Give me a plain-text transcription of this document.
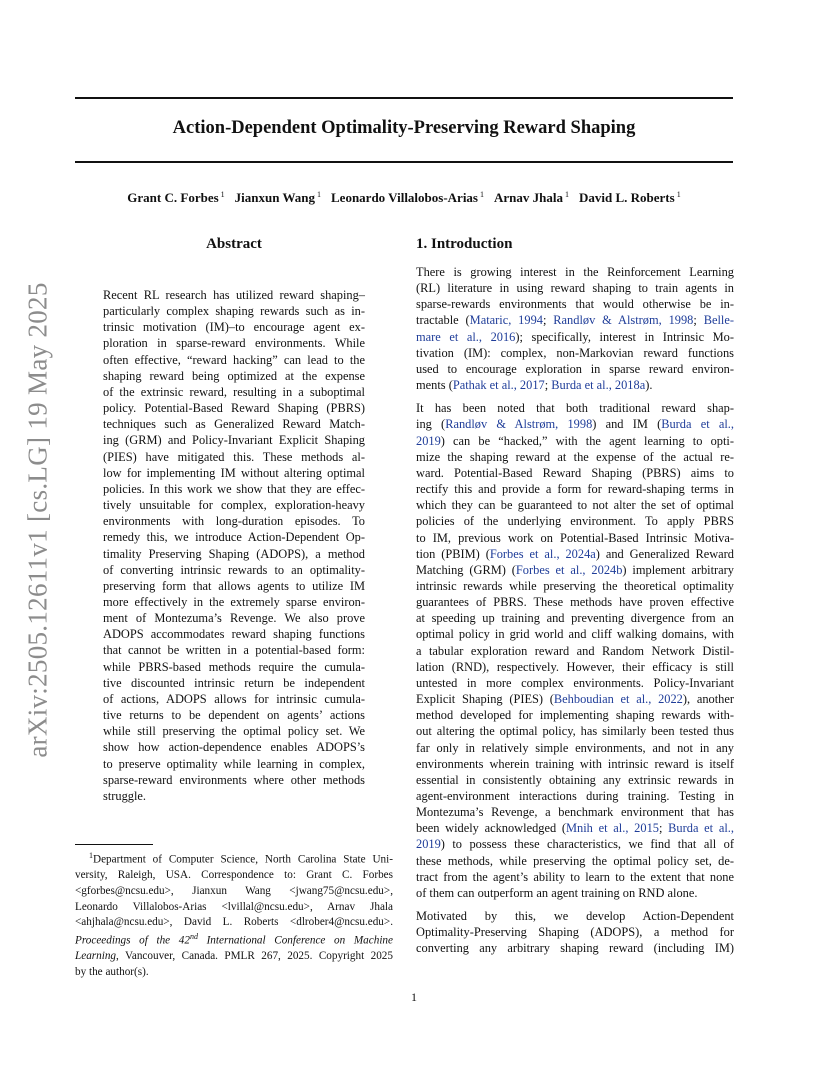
Action-Dependent Optimality-Preserving Reward Shaping
Grant C. Forbes $^1$ Jianxun Wang $^1$ Leonardo Villalobos-Arias $^1$ Arnav Jhala $^1$ David L. Roberts $^1$
arXiv:2505.12611v1 [cs.LG] 19 May 2025
Abstract
Recent RL research has utilized reward shaping–
particularly complex shaping rewards such as in-
trinsic motivation (IM)–to encourage agent ex-
ploration in sparse-reward environments. While
often effective, “reward hacking” can lead to the
shaping reward being optimized at the expense
of the extrinsic reward, resulting in a suboptimal
policy. Potential-Based Reward Shaping (PBRS)
techniques such as Generalized Reward Match-
ing (GRM) and Policy-Invariant Explicit Shaping
(PIES) have mitigated this. These methods al-
low for implementing IM without altering optimal
policies. In this work we show that they are effec-
tively unsuitable for complex, exploration-heavy
environments with long-duration episodes. To
remedy this, we introduce Action-Dependent Op-
timality Preserving Shaping (ADOPS), a method
of converting intrinsic rewards to an optimality-
preserving form that allows agents to utilize IM
more effectively in the extremely sparse environ-
ment of Montezuma’s Revenge. We also prove
ADOPS accommodates reward shaping functions
that cannot be written in a potential-based form:
while PBRS-based methods require the cumula-
tive discounted intrinsic return be independent
of actions, ADOPS allows for intrinsic cumula-
tive returns to be dependent on agents’ actions
while still preserving the optimal policy set. We
show how action-dependence enables ADOPS’s
to preserve optimality while learning in complex,
sparse-reward environments where other methods
struggle.
$^1$Department of Computer Science, North Carolina State Uni-
versity, Raleigh, USA. Correspondence to: Grant C. Forbes
<gforbes@ncsu.edu>, Jianxun Wang <jwang75@ncsu.edu>,
Leonardo Villalobos-Arias <lvillal@ncsu.edu>, Arnav Jhala
<ahjhala@ncsu.edu>, David L. Roberts <dlrober4@ncsu.edu>.
Proceedings of the 42nd International Conference on Machine
Learning, Vancouver, Canada. PMLR 267, 2025. Copyright 2025
by the author(s).
1. Introduction
There is growing interest in the Reinforcement Learning
(RL) literature in using reward shaping to train agents in
sparse-rewards environments that would otherwise be in-
tractable (Mataric, 1994; Randløv & Alstrøm, 1998; Belle-
mare et al., 2016); specifically, interest in Intrinsic Mo-
tivation (IM): complex, non-Markovian reward functions
used to encourage exploration in sparse reward environ-
ments (Pathak et al., 2017; Burda et al., 2018a).
It has been noted that both traditional reward shap-
ing (Randløv & Alstrøm, 1998) and IM (Burda et al.,
2019) can be “hacked,” with the agent learning to opti-
mize the shaping reward at the expense of the actual re-
ward. Potential-Based Reward Shaping (PBRS) aims to
rectify this and provide a form for reward-shaping terms in
which they can be guaranteed to not alter the set of optimal
policies of the underlying environment. To apply PBRS
to IM, previous work on Potential-Based Intrinsic Motiva-
tion (PBIM) (Forbes et al., 2024a) and Generalized Reward
Matching (GRM) (Forbes et al., 2024b) implement arbitrary
intrinsic rewards while preserving the theoretical optimality
guarantees of PBRS. These methods have proven effective
at speeding up training and preventing divergence from an
optimal policy in grid world and cliff walking domains, with
a tabular exploration reward and Random Network Distil-
lation (RND), respectively. However, their efficacy is still
untested in more complex environments. Policy-Invariant
Explicit Shaping (PIES) (Behboudian et al., 2022), another
method developed for implementing shaping rewards with-
out altering the optimal policy, has similarly been tested thus
far only in relatively simple environments, and not in any
environments wherein training with intrinsic reward is itself
essential in consistently obtaining any extrinsic rewards in
agent-environment interactions during training. Testing in
Montezuma’s Revenge, a benchmark environment that has
been widely acknowledged (Mnih et al., 2015; Burda et al.,
2019) to possess these characteristics, we find that all of
these methods, while preserving the optimal policy set, de-
tract from the agent’s ability to learn to the extent that none
of them can outperform an agent training on RND alone.
Motivated by this, we develop Action-Dependent
Optimality-Preserving Shaping (ADOPS), a method for
converting any arbitrary shaping reward (including IM)
1
